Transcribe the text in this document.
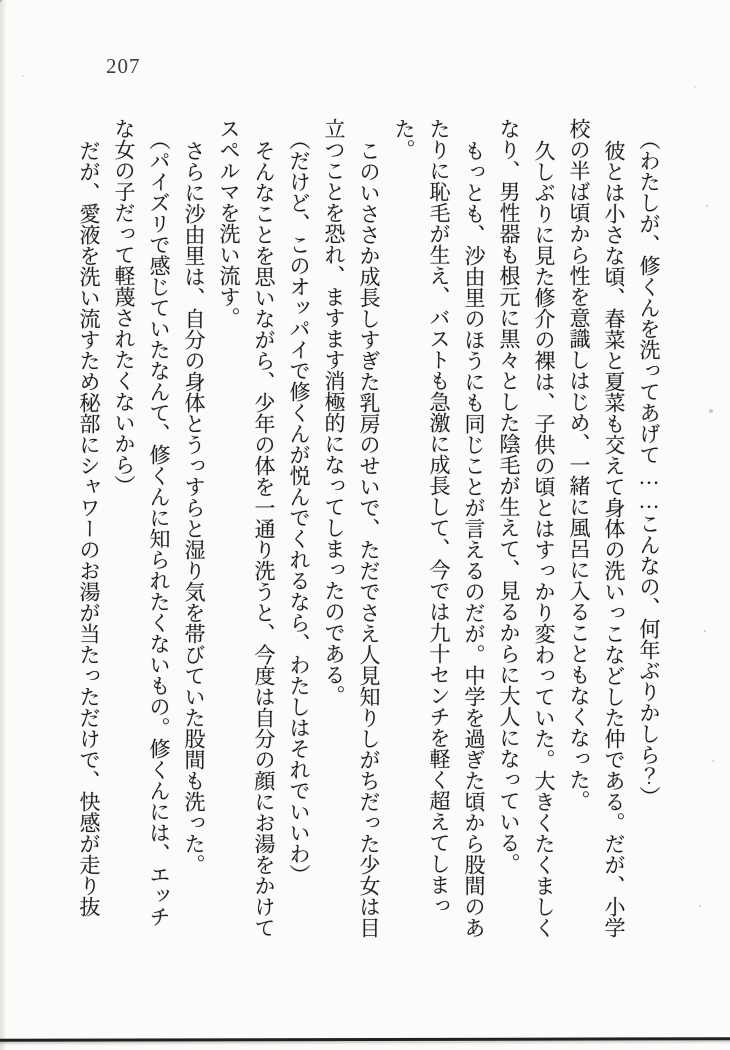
207

（わたしが、修くんを洗ってあげて……こんなの、何年ぶりかしら？）

彼とは小さな頃、春菜と夏菜も交えて身体の洗いっこなどした仲である。だが、小学校の半ば頃から性を意識しはじめ、一緒に風呂に入ることもなくなった。

久しぶりに見た修介の裸は、子供の頃とはすっかり変わっていた。大きくたくましくなり、男性器も根元に黒々とした陰毛が生えて、見るからに大人になっている。

もっとも、沙由里のほうにも同じことが言えるのだが。中学を過ぎた頃から股間のあたりに恥毛が生え、バストも急激に成長して、今では九十センチを軽く超えてしまった。

このいささか成長しすぎた乳房のせいで、ただでさえ人見知りしがちだった少女は目立つことを恐れ、ますます消極的になってしまったのである。

（だけど、このオッパイで修くんが悦んでくれるなら、わたしはそれでいいわ）

そんなことを思いながら、少年の体を一通り洗うと、今度は自分の顔にお湯をかけてスペルマを洗い流す。

さらに沙由里は、自分の身体とうっすらと湿り気を帯びていた股間も洗った。

（パイズリで感じていたなんて、修くんに知られたくないもの。修くんには、エッチな女の子だって軽蔑されたくないから）

だが、愛液を洗い流すため秘部にシャワーのお湯が当たっただけで、快感が走り抜
